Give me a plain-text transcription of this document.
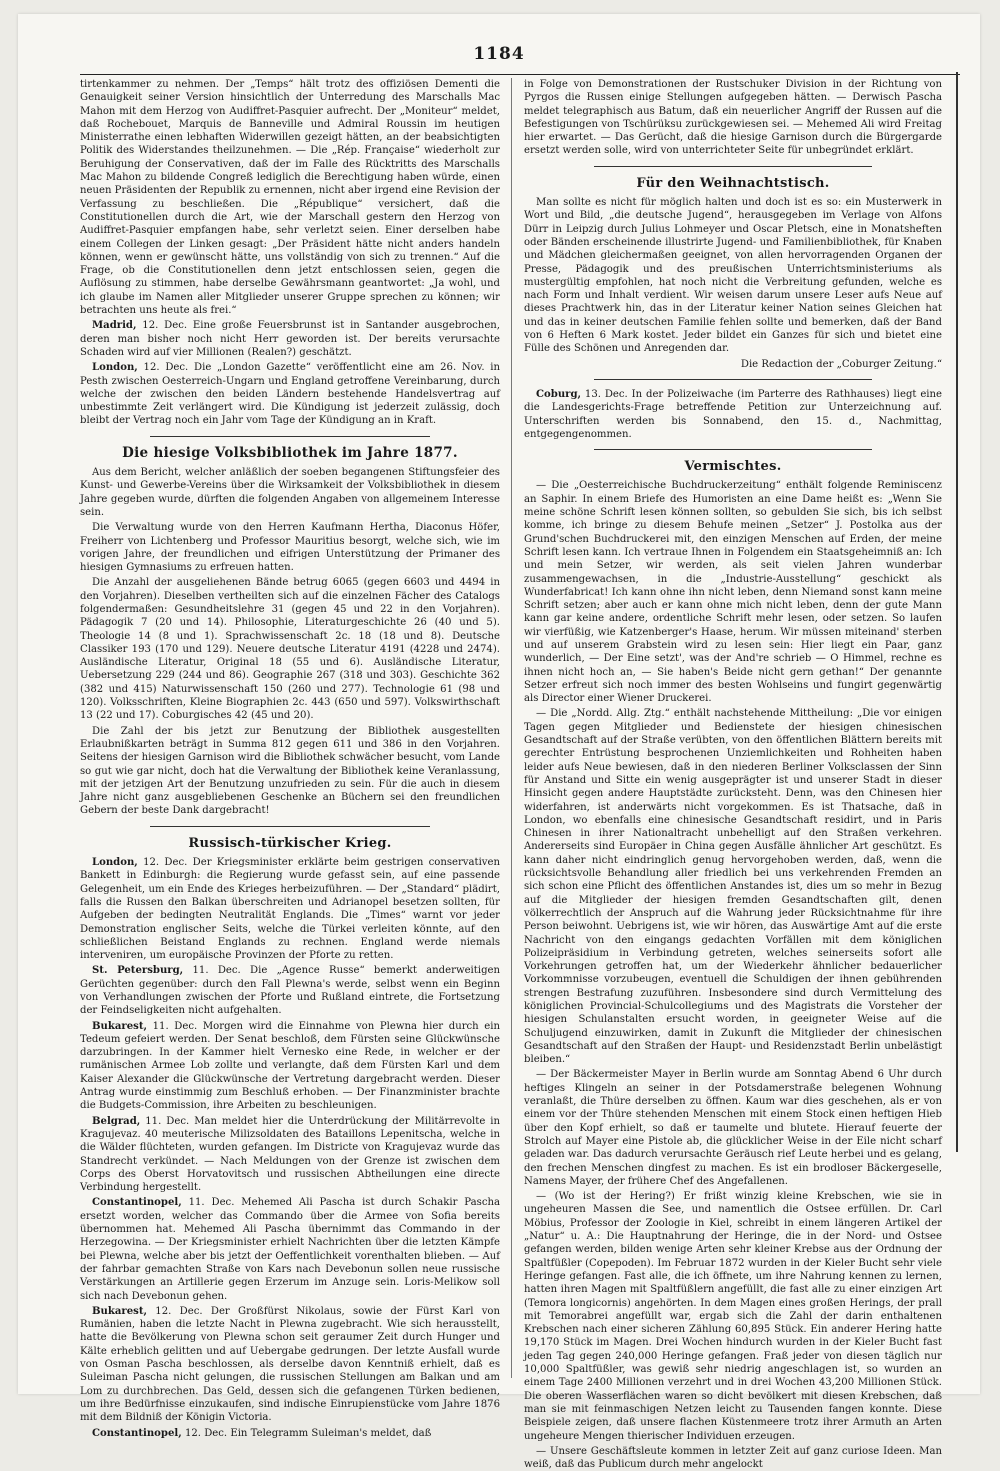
1184

tirtenkammer zu nehmen. Der „Temps“ hält trotz des offiziösen Dementi die Genauigkeit seiner Version hinsichtlich der Unterredung des Marschalls Mac Mahon mit dem Herzog von Audiffret-Pasquier aufrecht. Der „Moniteur“ meldet, daß Rochebouet, Marquis de Banneville und Admiral Roussin im heutigen Ministerrathe einen lebhaften Widerwillen gezeigt hätten, an der beabsichtigten Politik des Widerstandes theilzunehmen. — Die „Rép. Française“ wiederholt zur Beruhigung der Conservativen, daß der im Falle des Rücktritts des Marschalls Mac Mahon zu bildende Congreß lediglich die Berechtigung haben würde, einen neuen Präsidenten der Republik zu ernennen, nicht aber irgend eine Revision der Verfassung zu beschließen. Die „République“ versichert, daß die Constitutionellen durch die Art, wie der Marschall gestern den Herzog von Audiffret-Pasquier empfangen habe, sehr verletzt seien. Einer derselben habe einem Collegen der Linken gesagt: „Der Präsident hätte nicht anders handeln können, wenn er gewünscht hätte, uns vollständig von sich zu trennen.“ Auf die Frage, ob die Constitutionellen denn jetzt entschlossen seien, gegen die Auflösung zu stimmen, habe derselbe Gewährsmann geantwortet: „Ja wohl, und ich glaube im Namen aller Mitglieder unserer Gruppe sprechen zu können; wir betrachten uns heute als frei.“

Madrid, 12. Dec. Eine große Feuersbrunst ist in Santander ausgebrochen, deren man bisher noch nicht Herr geworden ist. Der bereits verursachte Schaden wird auf vier Millionen (Realen?) geschätzt.

London, 12. Dec. Die „London Gazette“ veröffentlicht eine am 26. Nov. in Pesth zwischen Oesterreich-Ungarn und England getroffene Vereinbarung, durch welche der zwischen den beiden Ländern bestehende Handelsvertrag auf unbestimmte Zeit verlängert wird. Die Kündigung ist jederzeit zulässig, doch bleibt der Vertrag noch ein Jahr vom Tage der Kündigung an in Kraft.

Die hiesige Volksbibliothek im Jahre 1877.

Aus dem Bericht, welcher anläßlich der soeben begangenen Stiftungsfeier des Kunst- und Gewerbe-Vereins über die Wirksamkeit der Volksbibliothek in diesem Jahre gegeben wurde, dürften die folgenden Angaben von allgemeinem Interesse sein.

Die Verwaltung wurde von den Herren Kaufmann Hertha, Diaconus Höfer, Freiherr von Lichtenberg und Professor Mauritius besorgt, welche sich, wie im vorigen Jahre, der freundlichen und eifrigen Unterstützung der Primaner des hiesigen Gymnasiums zu erfreuen hatten.

Die Anzahl der ausgeliehenen Bände betrug 6065 (gegen 6603 und 4494 in den Vorjahren). Dieselben vertheilten sich auf die einzelnen Fächer des Catalogs folgendermaßen: Gesundheitslehre 31 (gegen 45 und 22 in den Vorjahren). Pädagogik 7 (20 und 14). Philosophie, Literaturgeschichte 26 (40 und 5). Theologie 14 (8 und 1). Sprachwissenschaft 2c. 18 (18 und 8). Deutsche Classiker 193 (170 und 129). Neuere deutsche Literatur 4191 (4228 und 2474). Ausländische Literatur, Original 18 (55 und 6). Ausländische Literatur, Uebersetzung 229 (244 und 86). Geographie 267 (318 und 303). Geschichte 362 (382 und 415) Naturwissenschaft 150 (260 und 277). Technologie 61 (98 und 120). Volksschriften, Kleine Biographien 2c. 443 (650 und 597). Volkswirthschaft 13 (22 und 17). Coburgisches 42 (45 und 20).

Die Zahl der bis jetzt zur Benutzung der Bibliothek ausgestellten Erlaubnißkarten beträgt in Summa 812 gegen 611 und 386 in den Vorjahren. Seitens der hiesigen Garnison wird die Bibliothek schwächer besucht, vom Lande so gut wie gar nicht, doch hat die Verwaltung der Bibliothek keine Veranlassung, mit der jetzigen Art der Benutzung unzufrieden zu sein. Für die auch in diesem Jahre nicht ganz ausgebliebenen Geschenke an Büchern sei den freundlichen Gebern der beste Dank dargebracht!

Russisch-türkischer Krieg.

London, 12. Dec. Der Kriegsminister erklärte beim gestrigen conservativen Bankett in Edinburgh: die Regierung wurde gefasst sein, auf eine passende Gelegenheit, um ein Ende des Krieges herbeizuführen. — Der „Standard“ plädirt, falls die Russen den Balkan überschreiten und Adrianopel besetzen sollten, für Aufgeben der bedingten Neutralität Englands. Die „Times“ warnt vor jeder Demonstration englischer Seits, welche die Türkei verleiten könnte, auf den schließlichen Beistand Englands zu rechnen. England werde niemals interveniren, um europäische Provinzen der Pforte zu retten.

St. Petersburg, 11. Dec. Die „Agence Russe“ bemerkt anderweitigen Gerüchten gegenüber: durch den Fall Plewna's werde, selbst wenn ein Beginn von Verhandlungen zwischen der Pforte und Rußland eintrete, die Fortsetzung der Feindseligkeiten nicht aufgehalten.

Bukarest, 11. Dec. Morgen wird die Einnahme von Plewna hier durch ein Tedeum gefeiert werden. Der Senat beschloß, dem Fürsten seine Glückwünsche darzubringen. In der Kammer hielt Vernesko eine Rede, in welcher er der rumänischen Armee Lob zollte und verlangte, daß dem Fürsten Karl und dem Kaiser Alexander die Glückwünsche der Vertretung dargebracht werden. Dieser Antrag wurde einstimmig zum Beschluß erhoben. — Der Finanzminister brachte die Budgets-Commission, ihre Arbeiten zu beschleunigen.

Belgrad, 11. Dec. Man meldet hier die Unterdrückung der Militärrevolte in Kragujevaz. 40 meuterische Milizsoldaten des Bataillons Lepenitscha, welche in die Wälder flüchteten, wurden gefangen. Im Districte von Kragujevaz wurde das Standrecht verkündet. — Nach Meldungen von der Grenze ist zwischen dem Corps des Oberst Horvatovitsch und russischen Abtheilungen eine directe Verbindung hergestellt.

Constantinopel, 11. Dec. Mehemed Ali Pascha ist durch Schakir Pascha ersetzt worden, welcher das Commando über die Armee von Sofia bereits übernommen hat. Mehemed Ali Pascha übernimmt das Commando in der Herzegowina. — Der Kriegsminister erhielt Nachrichten über die letzten Kämpfe bei Plewna, welche aber bis jetzt der Oeffentlichkeit vorenthalten blieben. — Auf der fahrbar gemachten Straße von Kars nach Devebonun sollen neue russische Verstärkungen an Artillerie gegen Erzerum im Anzuge sein. Loris-Melikow soll sich nach Devebonun gehen.

Bukarest, 12. Dec. Der Großfürst Nikolaus, sowie der Fürst Karl von Rumänien, haben die letzte Nacht in Plewna zugebracht. Wie sich herausstellt, hatte die Bevölkerung von Plewna schon seit geraumer Zeit durch Hunger und Kälte erheblich gelitten und auf Uebergabe gedrungen. Der letzte Ausfall wurde von Osman Pascha beschlossen, als derselbe davon Kenntniß erhielt, daß es Suleiman Pascha nicht gelungen, die russischen Stellungen am Balkan und am Lom zu durchbrechen. Das Geld, dessen sich die gefangenen Türken bedienen, um ihre Bedürfnisse einzukaufen, sind indische Einrupienstücke vom Jahre 1876 mit dem Bildniß der Königin Victoria.

Constantinopel, 12. Dec. Ein Telegramm Suleiman's meldet, daß

in Folge von Demonstrationen der Rustschuker Division in der Richtung von Pyrgos die Russen einige Stellungen aufgegeben hätten. — Derwisch Pascha meldet telegraphisch aus Batum, daß ein neuerlicher Angriff der Russen auf die Befestigungen von Tschürüksu zurückgewiesen sei. — Mehemed Ali wird Freitag hier erwartet. — Das Gerücht, daß die hiesige Garnison durch die Bürgergarde ersetzt werden solle, wird von unterrichteter Seite für unbegründet erklärt.

Für den Weihnachtstisch.

Man sollte es nicht für möglich halten und doch ist es so: ein Musterwerk in Wort und Bild, „die deutsche Jugend“, herausgegeben im Verlage von Alfons Dürr in Leipzig durch Julius Lohmeyer und Oscar Pletsch, eine in Monatsheften oder Bänden erscheinende illustrirte Jugend- und Familienbibliothek, für Knaben und Mädchen gleichermaßen geeignet, von allen hervorragenden Organen der Presse, Pädagogik und des preußischen Unterrichtsministeriums als mustergültig empfohlen, hat noch nicht die Verbreitung gefunden, welche es nach Form und Inhalt verdient. Wir weisen darum unsere Leser aufs Neue auf dieses Prachtwerk hin, das in der Literatur keiner Nation seines Gleichen hat und das in keiner deutschen Familie fehlen sollte und bemerken, daß der Band von 6 Heften 6 Mark kostet. Jeder bildet ein Ganzes für sich und bietet eine Fülle des Schönen und Anregenden dar.

Die Redaction der „Coburger Zeitung.“

Coburg, 13. Dec. In der Polizeiwache (im Parterre des Rathhauses) liegt eine die Landesgerichts-Frage betreffende Petition zur Unterzeichnung auf. Unterschriften werden bis Sonnabend, den 15. d., Nachmittag, entgegengenommen.

Vermischtes.

— Die „Oesterreichische Buchdruckerzeitung“ enthält folgende Reminiscenz an Saphir. In einem Briefe des Humoristen an eine Dame heißt es: „Wenn Sie meine schöne Schrift lesen können sollten, so gebulden Sie sich, bis ich selbst komme, ich bringe zu diesem Behufe meinen „Setzer“ J. Postolka aus der Grund'schen Buchdruckerei mit, den einzigen Menschen auf Erden, der meine Schrift lesen kann. Ich vertraue Ihnen in Folgendem ein Staatsgeheimniß an: Ich und mein Setzer, wir werden, als seit vielen Jahren wunderbar zusammengewachsen, in die „Industrie-Ausstellung“ geschickt als Wunderfabricat! Ich kann ohne ihn nicht leben, denn Niemand sonst kann meine Schrift setzen; aber auch er kann ohne mich nicht leben, denn der gute Mann kann gar keine andere, ordentliche Schrift mehr lesen, oder setzen. So laufen wir vierfüßig, wie Katzenberger's Haase, herum. Wir müssen miteinand' sterben und auf unserem Grabstein wird zu lesen sein: Hier liegt ein Paar, ganz wunderlich, — Der Eine setzt', was der And're schrieb — O Himmel, rechne es ihnen nicht hoch an, — Sie haben's Beide nicht gern gethan!“ Der genannte Setzer erfreut sich noch immer des besten Wohlseins und fungirt gegenwärtig als Director einer Wiener Druckerei.

— Die „Nordd. Allg. Ztg.“ enthält nachstehende Mittheilung: „Die vor einigen Tagen gegen Mitglieder und Bedienstete der hiesigen chinesischen Gesandtschaft auf der Straße verübten, von den öffentlichen Blättern bereits mit gerechter Entrüstung besprochenen Unziemlichkeiten und Rohheiten haben leider aufs Neue bewiesen, daß in den niederen Berliner Volksclassen der Sinn für Anstand und Sitte ein wenig ausgeprägter ist und unserer Stadt in dieser Hinsicht gegen andere Hauptstädte zurücksteht. Denn, was den Chinesen hier widerfahren, ist anderwärts nicht vorgekommen. Es ist Thatsache, daß in London, wo ebenfalls eine chinesische Gesandtschaft residirt, und in Paris Chinesen in ihrer Nationaltracht unbehelligt auf den Straßen verkehren. Andererseits sind Europäer in China gegen Ausfälle ähnlicher Art geschützt. Es kann daher nicht eindringlich genug hervorgehoben werden, daß, wenn die rücksichtsvolle Behandlung aller friedlich bei uns verkehrenden Fremden an sich schon eine Pflicht des öffentlichen Anstandes ist, dies um so mehr in Bezug auf die Mitglieder der hiesigen fremden Gesandtschaften gilt, denen völkerrechtlich der Anspruch auf die Wahrung jeder Rücksichtnahme für ihre Person beiwohnt. Uebrigens ist, wie wir hören, das Auswärtige Amt auf die erste Nachricht von den eingangs gedachten Vorfällen mit dem königlichen Polizeipräsidium in Verbindung getreten, welches seinerseits sofort alle Vorkehrungen getroffen hat, um der Wiederkehr ähnlicher bedauerlicher Vorkommnisse vorzubeugen, eventuell die Schuldigen der ihnen gebührenden strengen Bestrafung zuzuführen. Insbesondere sind durch Vermittelung des königlichen Provincial-Schulcollegiums und des Magistrats die Vorsteher der hiesigen Schulanstalten ersucht worden, in geeigneter Weise auf die Schuljugend einzuwirken, damit in Zukunft die Mitglieder der chinesischen Gesandtschaft auf den Straßen der Haupt- und Residenzstadt Berlin unbelästigt bleiben.“

— Der Bäckermeister Mayer in Berlin wurde am Sonntag Abend 6 Uhr durch heftiges Klingeln an seiner in der Potsdamerstraße belegenen Wohnung veranlaßt, die Thüre derselben zu öffnen. Kaum war dies geschehen, als er von einem vor der Thüre stehenden Menschen mit einem Stock einen heftigen Hieb über den Kopf erhielt, so daß er taumelte und blutete. Hierauf feuerte der Strolch auf Mayer eine Pistole ab, die glücklicher Weise in der Eile nicht scharf geladen war. Das dadurch verursachte Geräusch rief Leute herbei und es gelang, den frechen Menschen dingfest zu machen. Es ist ein brodloser Bäckergeselle, Namens Mayer, der frühere Chef des Angefallenen.

— (Wo ist der Hering?) Er frißt winzig kleine Krebschen, wie sie in ungeheuren Massen die See, und namentlich die Ostsee erfüllen. Dr. Carl Möbius, Professor der Zoologie in Kiel, schreibt in einem längeren Artikel der „Natur“ u. A.: Die Hauptnahrung der Heringe, die in der Nord- und Ostsee gefangen werden, bilden wenige Arten sehr kleiner Krebse aus der Ordnung der Spaltfüßler (Copepoden). Im Februar 1872 wurden in der Kieler Bucht sehr viele Heringe gefangen. Fast alle, die ich öffnete, um ihre Nahrung kennen zu lernen, hatten ihren Magen mit Spaltfüßlern angefüllt, die fast alle zu einer einzigen Art (Temora longicornis) angehörten. In dem Magen eines großen Herings, der prall mit Temorabrei angefüllt war, ergab sich die Zahl der darin enthaltenen Krebschen nach einer sicheren Zählung 60,895 Stück. Ein anderer Hering hatte 19,170 Stück im Magen. Drei Wochen hindurch wurden in der Kieler Bucht fast jeden Tag gegen 240,000 Heringe gefangen. Fraß jeder von diesen täglich nur 10,000 Spaltfüßler, was gewiß sehr niedrig angeschlagen ist, so wurden an einem Tage 2400 Millionen verzehrt und in drei Wochen 43,200 Millionen Stück. Die oberen Wasserflächen waren so dicht bevölkert mit diesen Krebschen, daß man sie mit feinmaschigen Netzen leicht zu Tausenden fangen konnte. Diese Beispiele zeigen, daß unsere flachen Küstenmeere trotz ihrer Armuth an Arten ungeheure Mengen thierischer Individuen erzeugen.

— Unsere Geschäftsleute kommen in letzter Zeit auf ganz curiose Ideen. Man weiß, daß das Publicum durch mehr angelockt
